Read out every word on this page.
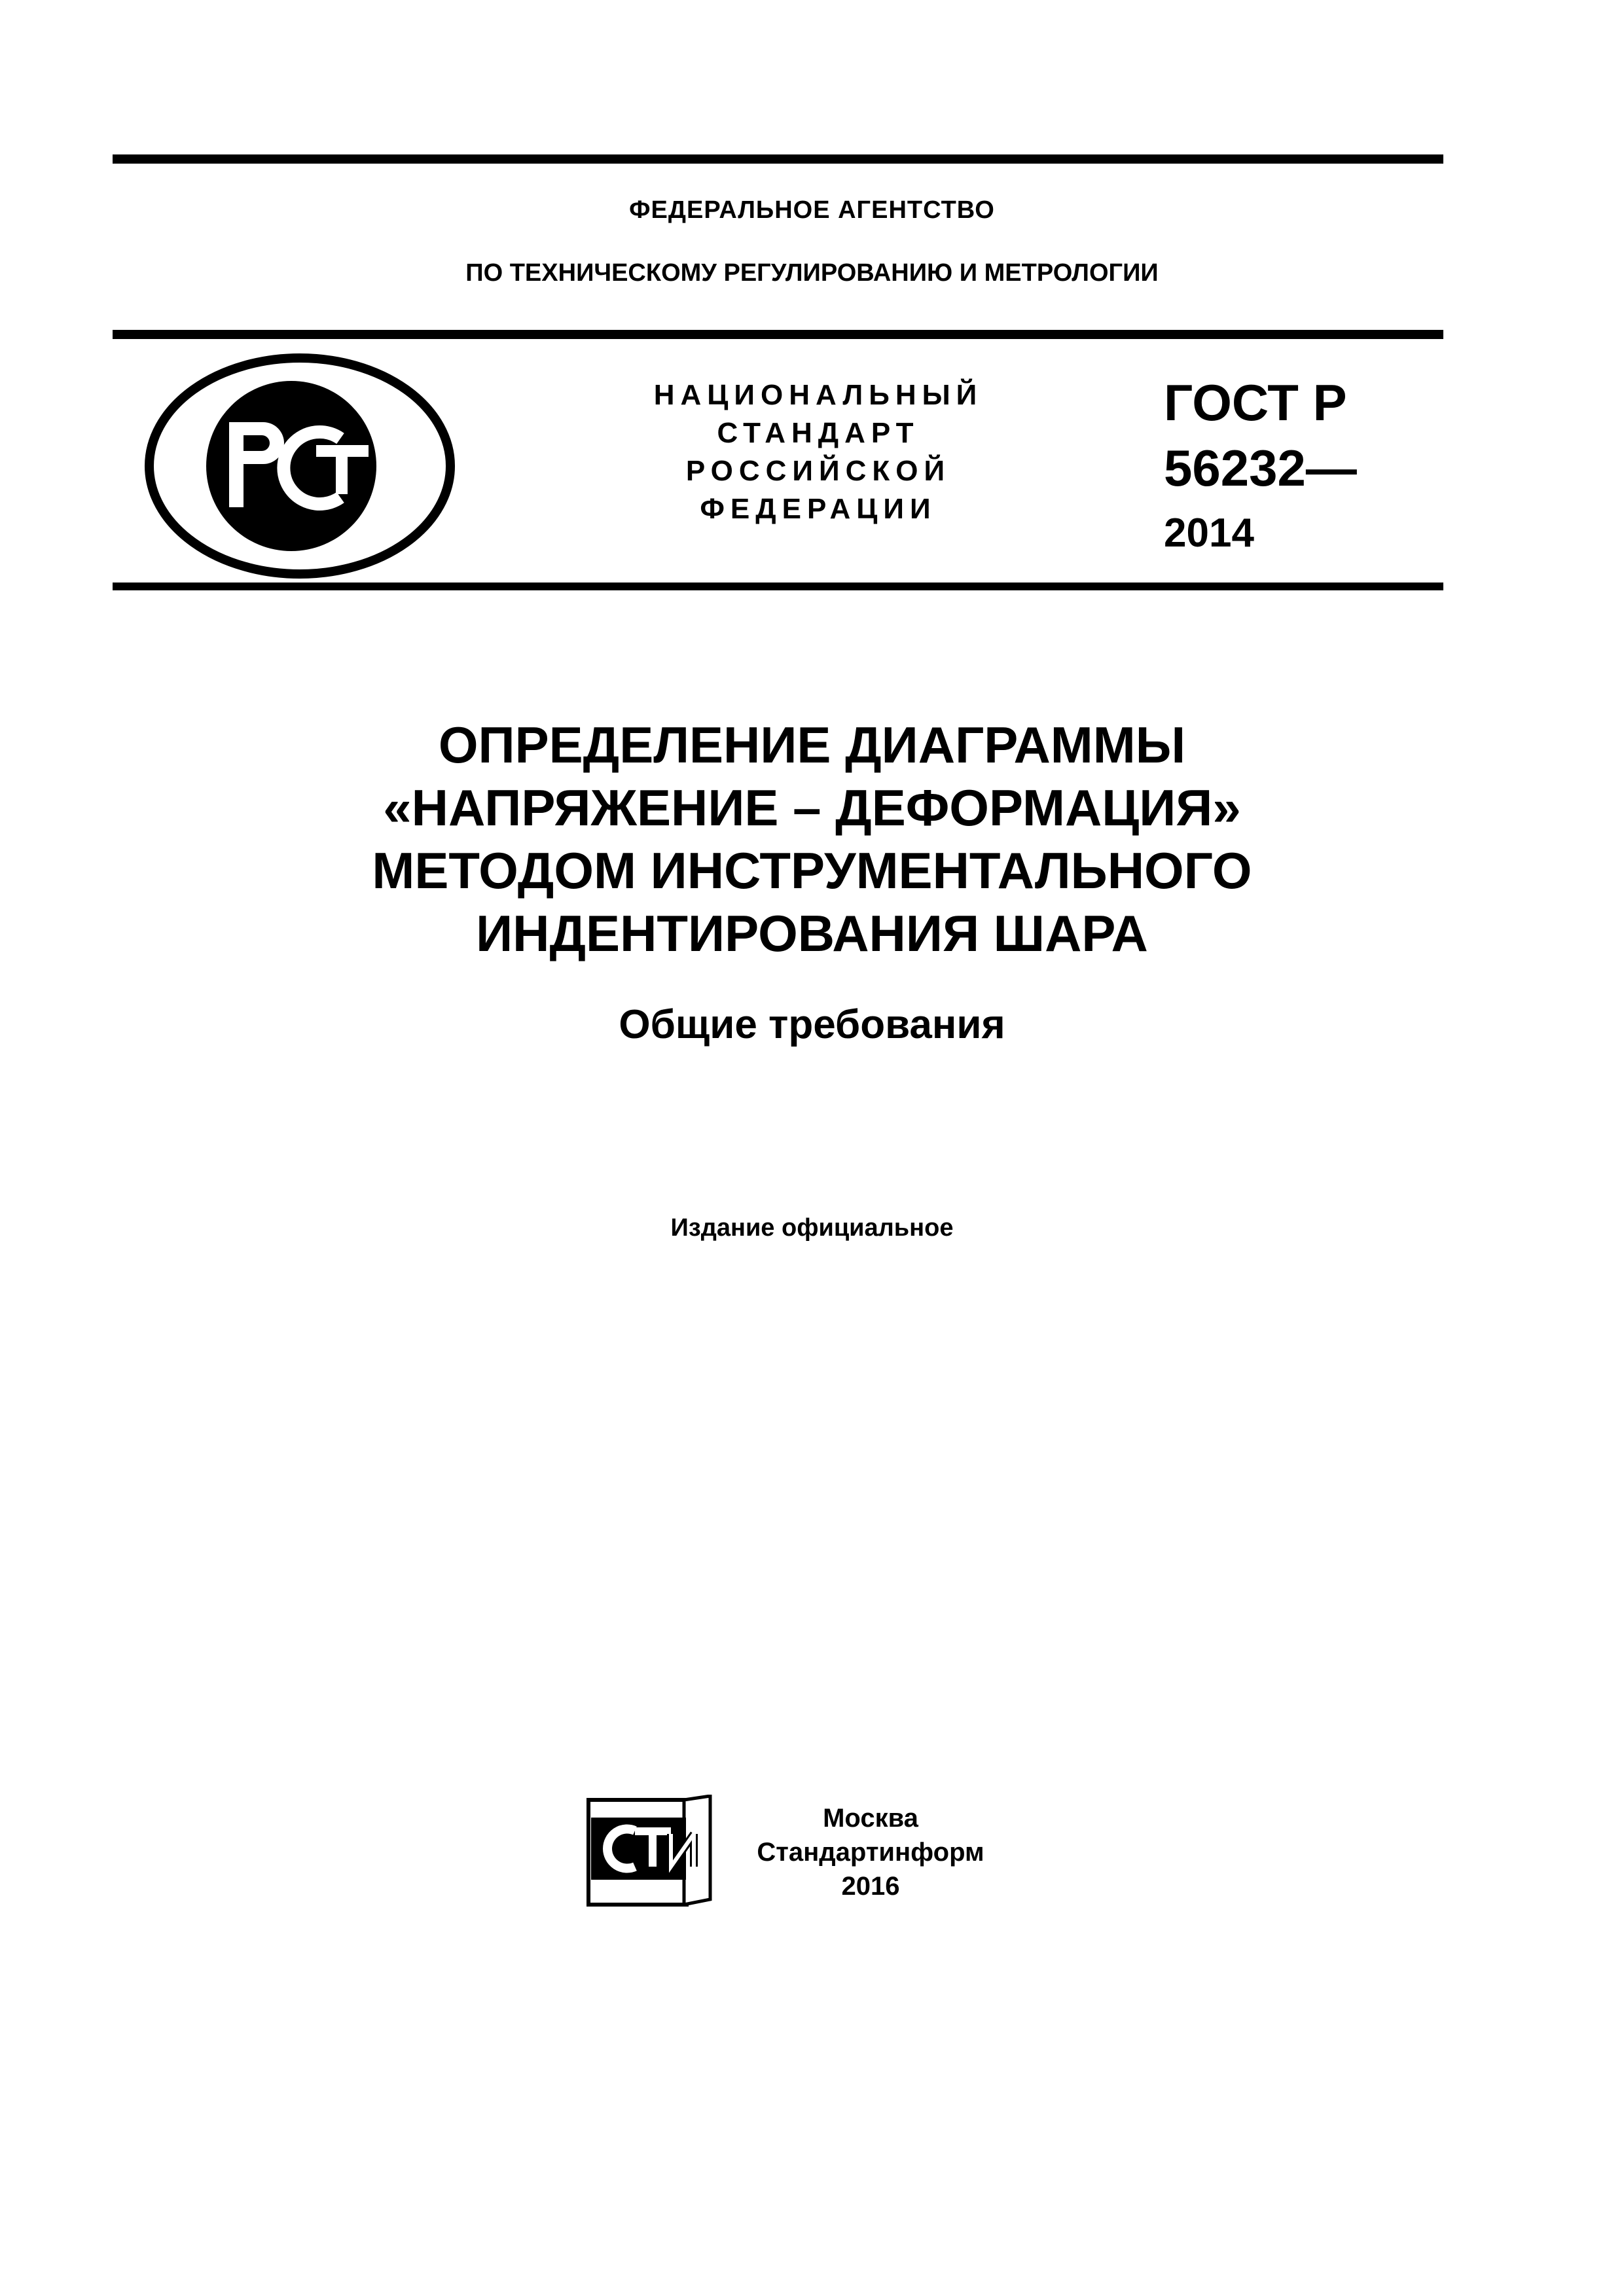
ФЕДЕРАЛЬНОЕ АГЕНТСТВО
ПО ТЕХНИЧЕСКОМУ РЕГУЛИРОВАНИЮ И МЕТРОЛОГИИ
РСТ
НАЦИОНАЛЬНЫЙ
СТАНДАРТ
РОССИЙСКОЙ
ФЕДЕРАЦИИ
ГОСТ Р
56232—
2014
ОПРЕДЕЛЕНИЕ ДИАГРАММЫ
«НАПРЯЖЕНИЕ – ДЕФОРМАЦИЯ»
МЕТОДОМ ИНСТРУМЕНТАЛЬНОГО
ИНДЕНТИРОВАНИЯ ШАРА
Общие требования
Издание официальное
СТИ
Москва
Стандартинформ
2016
